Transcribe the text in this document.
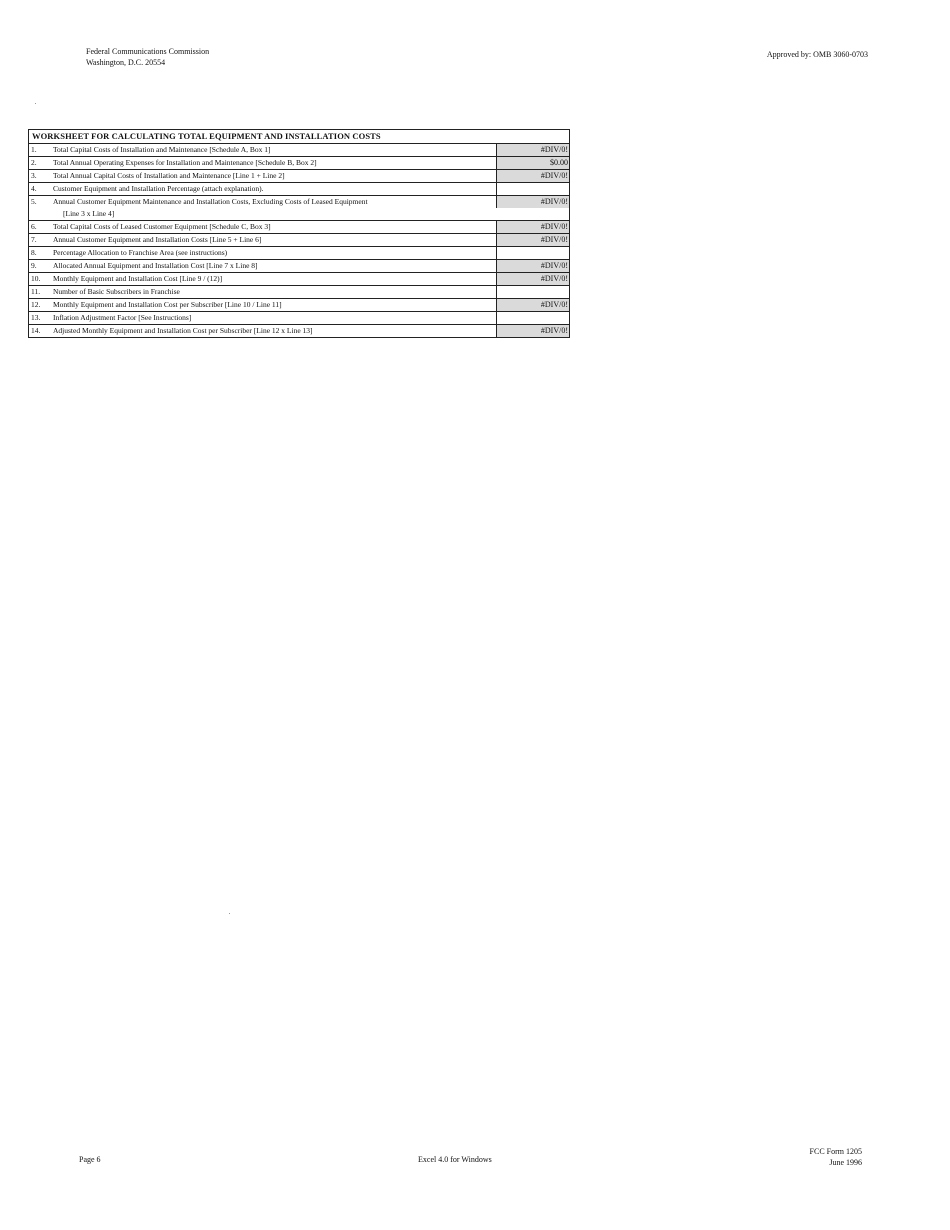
Federal Communications Commission
Washington, D.C. 20554
Approved by: OMB 3060-0703
WORKSHEET FOR CALCULATING TOTAL EQUIPMENT AND INSTALLATION COSTS
1.	Total Capital Costs of Installation and Maintenance [Schedule A, Box 1]	#DIV/0!
2.	Total Annual Operating Expenses for Installation and Maintenance [Schedule B, Box 2]	$0.00
3.	Total Annual Capital Costs of Installation and Maintenance [Line 1 + Line 2]	#DIV/0!
4.	Customer Equipment and Installation Percentage (attach explanation).
5.	Annual Customer Equipment Maintenance and Installation Costs, Excluding Costs of Leased Equipment
[Line 3 x Line 4]
#DIV/0!
6.	Total Capital Costs of Leased Customer Equipment [Schedule C, Box 3]	#DIV/0!
7.	Annual Customer Equipment and Installation Costs [Line 5 + Line 6]	#DIV/0!
8.	Percentage Allocation to Franchise Area (see instructions)
9.	Allocated Annual Equipment and Installation Cost [Line 7 x Line 8]	#DIV/0!
10.	Monthly Equipment and Installation Cost [Line 9 / (12)]	#DIV/0!
11.	Number of Basic Subscribers in Franchise
12.	Monthly Equipment and Installation Cost per Subscriber [Line 10 / Line 11]	#DIV/0!
13.	Inflation Adjustment Factor [See Instructions]
14.	Adjusted Monthly Equipment and Installation Cost per Subscriber [Line 12 x Line 13]	#DIV/0!
Page 6	Excel 4.0 for Windows
FCC Form 1205
June 1996
